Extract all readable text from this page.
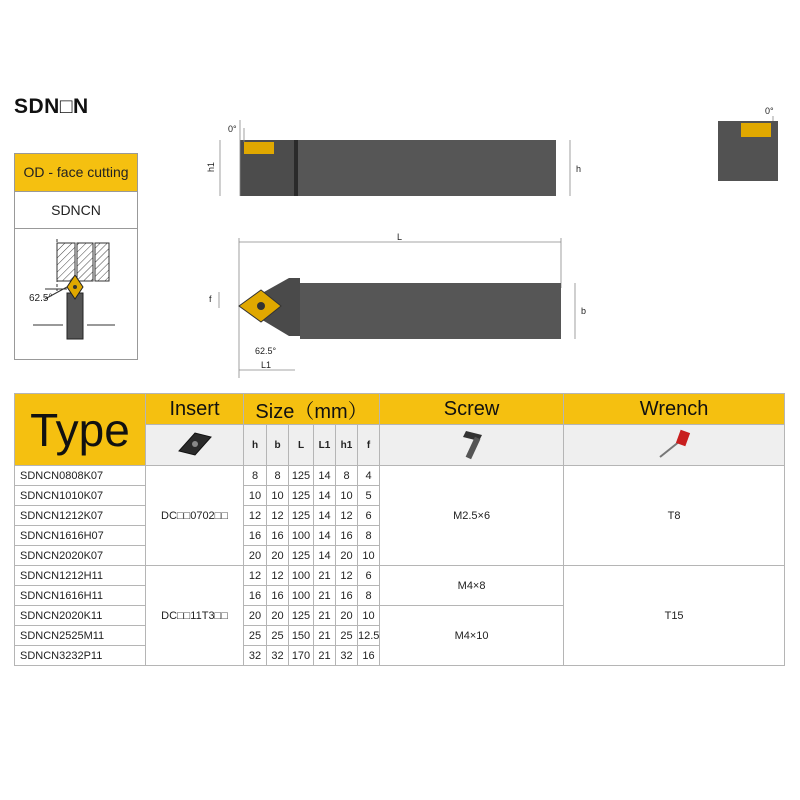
SDN□N
OD - face cutting
SDNCN
62.5°
0°
h1	h
0°
L
f
b
62.5°
L1
Type	Insert	Size（mm）						Screw	Wrench
	h	b	L	L1	h1	f		
SDNCN0808K07	DC□□0702□□	8	8	125	14	8	4	M2.5×6	T8
SDNCN1010K07		10	10	125	14	10	5		
SDNCN1212K07		12	12	125	14	12	6		
SDNCN1616H07		16	16	100	14	16	8		
SDNCN2020K07		20	20	125	14	20	10		
SDNCN1212H11	DC□□11T3□□	12	12	100	21	12	6	M4×8	T15
SDNCN1616H11		16	16	100	21	16	8		
SDNCN2020K11		20	20	125	21	20	10	M4×10	
SDNCN2525M11		25	25	150	21	25	12.5		
SDNCN3232P11		32	32	170	21	32	16		
